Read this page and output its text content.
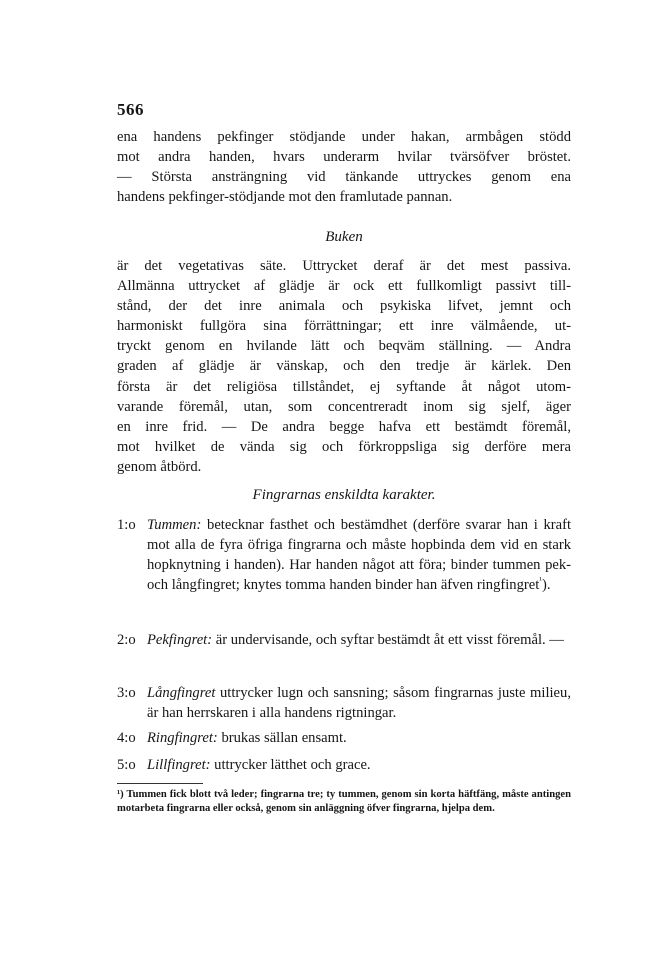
566
ena handens pekfinger stödjande under hakan, armbågen stödd
mot andra handen, hvars underarm hvilar tvärsöfver bröstet.
— Största ansträngning vid tänkande uttryckes genom ena
handens pekfinger-stödjande mot den framlutade pannan.
Buken
är det vegetativas säte. Uttrycket deraf är det mest passiva.
Allmänna uttrycket af glädje är ock ett fullkomligt passivt till-
stånd, der det inre animala och psykiska lifvet, jemnt och
harmoniskt fullgöra sina förrättningar; ett inre välmående, ut-
tryckt genom en hvilande lätt och beqväm ställning. — Andra
graden af glädje är vänskap, och den tredje är kärlek. Den
första är det religiösa tillståndet, ej syftande åt något utom-
varande föremål, utan, som concentreradt inom sig sjelf, äger
en inre frid. — De andra begge hafva ett bestämdt föremål,
mot hvilket de vända sig och förkroppsliga sig derföre mera
genom åtbörd.
Fingrarnas enskildta karakter.
1:o Tummen: betecknar fasthet och bestämdhet (derföre svarar han i kraft mot alla de fyra öfriga fingrarna och måste hopbinda dem vid en stark hopknytning i handen). Har handen något att föra; binder tummen pek- och långfingret; knytes tomma handen binder han äfven ringfingret$^{^1}$).
2:o Pekfingret: är undervisande, och syftar bestämdt åt ett visst föremål. —
3:o Långfingret uttrycker lugn och sansning; såsom fingrarnas juste milieu, är han herrskaren i alla handens rigtningar.
4:o Ringfingret: brukas sällan ensamt.
5:o Lillfingret: uttrycker lätthet och grace.
¹) Tummen fick blott två leder; fingrarna tre; ty tummen, genom sin korta häftfäng, måste antingen motarbeta fingrarna eller också, genom sin anläggning öfver fingrarna, hjelpa dem.
